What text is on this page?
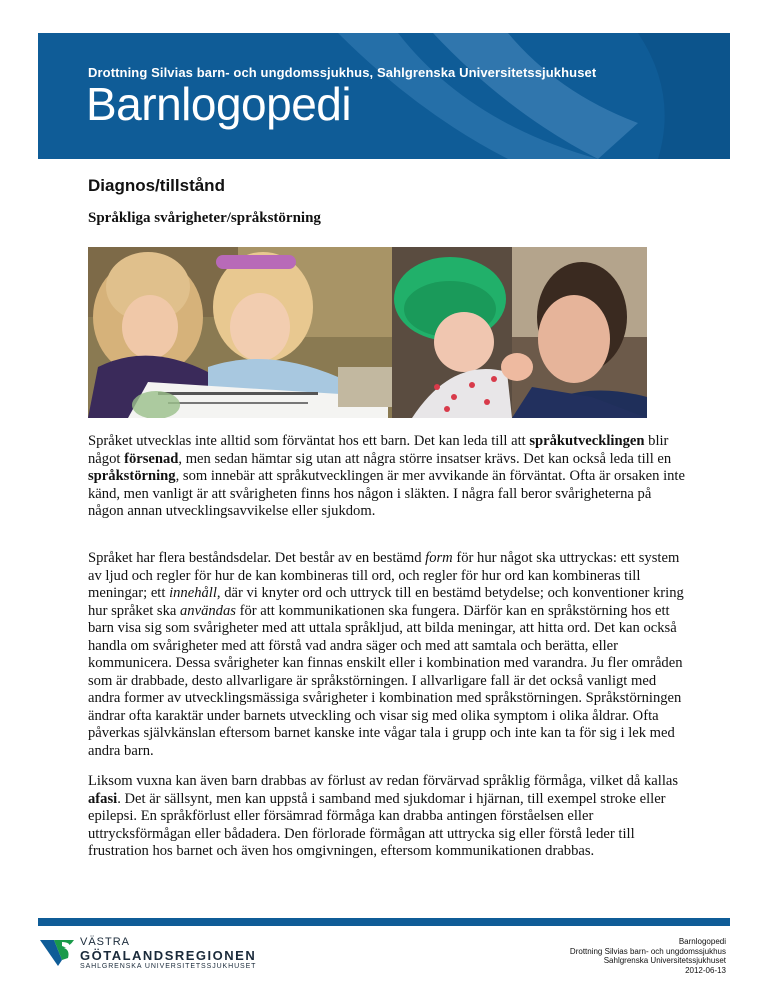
Drottning Silvias barn- och ungdomssjukhus, Sahlgrenska Universitetssjukhuset
Barnlogopedi
Diagnos/tillstånd
Språkliga svårigheter/språkstörning

Språket utvecklas inte alltid som förväntat hos ett barn. Det kan leda till att språkutvecklingen blir något försenad, men sedan hämtar sig utan att några större insatser krävs. Det kan också leda till en språkstörning, som innebär att språkutvecklingen är mer avvikande än förväntat. Ofta är orsaken inte känd, men vanligt är att svårigheten finns hos någon i släkten. I några fall beror svårigheterna på någon annan utvecklingsavvikelse eller sjukdom.

Språket har flera beståndsdelar. Det består av en bestämd form för hur något ska uttryckas: ett system av ljud och regler för hur de kan kombineras till ord, och regler för hur ord kan kombineras till meningar; ett innehåll, där vi knyter ord och uttryck till en bestämd betydelse; och konventioner kring hur språket ska användas för att kommunikationen ska fungera. Därför kan en språkstörning hos ett barn visa sig som svårigheter med att uttala språkljud, att bilda meningar, att hitta ord. Det kan också handla om svårigheter med att förstå vad andra säger och med att samtala och berätta, eller kommunicera. Dessa svårigheter kan finnas enskilt eller i kombination med varandra. Ju fler områden som är drabbade, desto allvarligare är språkstörningen. I allvarligare fall är det också vanligt med andra former av utvecklingsmässiga svårigheter i kombination med språkstörningen. Språkstörningen ändrar ofta karaktär under barnets utveckling och visar sig med olika symptom i olika åldrar. Ofta påverkas självkänslan eftersom barnet kanske inte vågar tala i grupp och inte kan ta för sig i lek med andra barn.

Liksom vuxna kan även barn drabbas av förlust av redan förvärvad språklig förmåga, vilket då kallas afasi. Det är sällsynt, men kan uppstå i samband med sjukdomar i hjärnan, till exempel stroke eller epilepsi. En språkförlust eller försämrad förmåga kan drabba antingen förståelsen eller uttrycksförmågan eller bådadera. Den förlorade förmågan att uttrycka sig eller förstå leder till frustration hos barnet och även hos omgivningen, eftersom kommunikationen drabbas.

VÄSTRA
GÖTALANDSREGIONEN
SAHLGRENSKA UNIVERSITETSSJUKHUSET
Barnlogopedi
Drottning Silvias barn- och ungdomssjukhus
Sahlgrenska Universitetssjukhuset
2012-06-13
